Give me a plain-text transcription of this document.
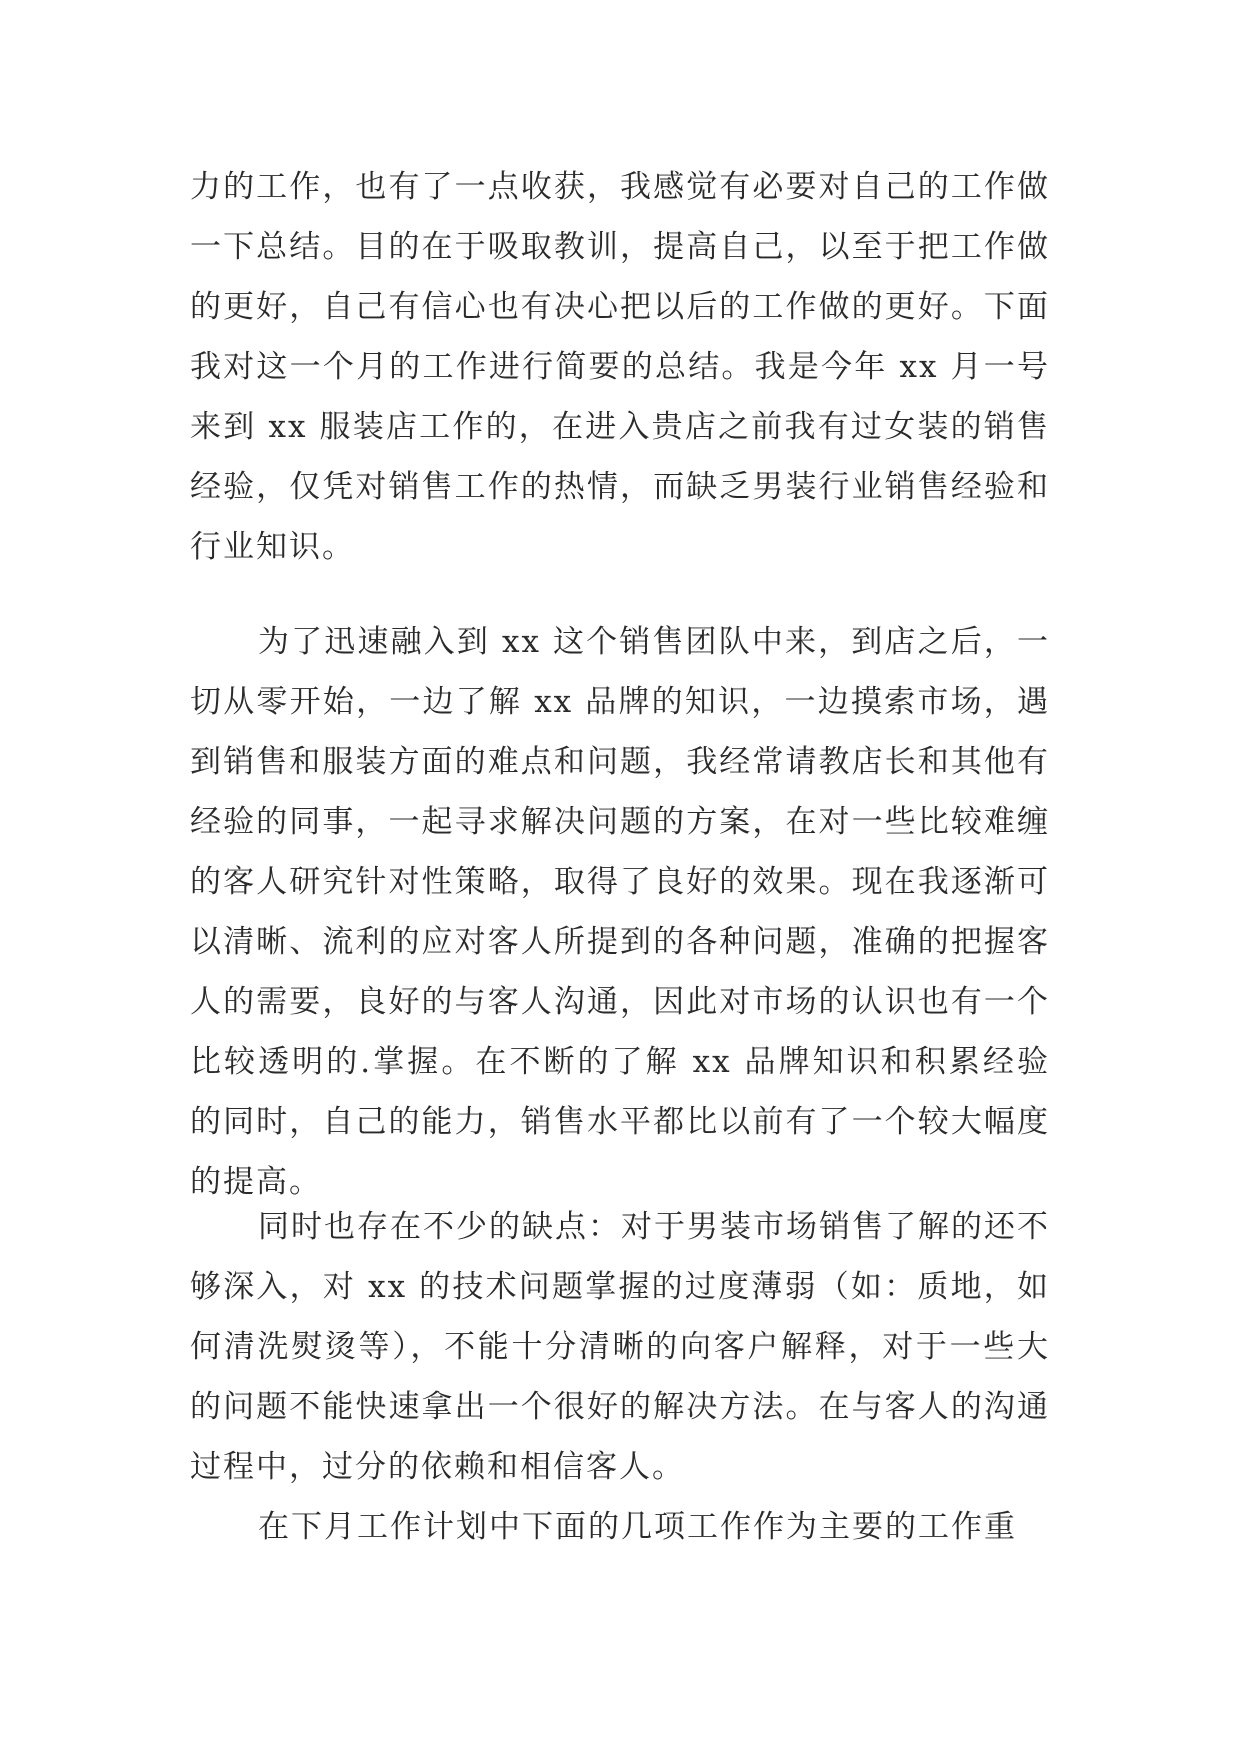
力的工作，也有了一点收获，我感觉有必要对自己的工作做一下总结。目的在于吸取教训，提高自己，以至于把工作做的更好，自己有信心也有决心把以后的工作做的更好。下面我对这一个月的工作进行简要的总结。我是今年 xx 月一号来到 xx 服装店工作的，在进入贵店之前我有过女装的销售经验，仅凭对销售工作的热情，而缺乏男装行业销售经验和行业知识。

为了迅速融入到 xx 这个销售团队中来，到店之后，一切从零开始，一边了解 xx 品牌的知识，一边摸索市场，遇到销售和服装方面的难点和问题，我经常请教店长和其他有经验的同事，一起寻求解决问题的方案，在对一些比较难缠的客人研究针对性策略，取得了良好的效果。现在我逐渐可以清晰、流利的应对客人所提到的各种问题，准确的把握客人的需要，良好的与客人沟通，因此对市场的认识也有一个比较透明的.掌握。在不断的了解 xx 品牌知识和积累经验的同时，自己的能力，销售水平都比以前有了一个较大幅度的提高。

同时也存在不少的缺点：对于男装市场销售了解的还不够深入，对 xx 的技术问题掌握的过度薄弱（如：质地，如何清洗熨烫等），不能十分清晰的向客户解释，对于一些大的问题不能快速拿出一个很好的解决方法。在与客人的沟通过程中，过分的依赖和相信客人。

在下月工作计划中下面的几项工作作为主要的工作重
